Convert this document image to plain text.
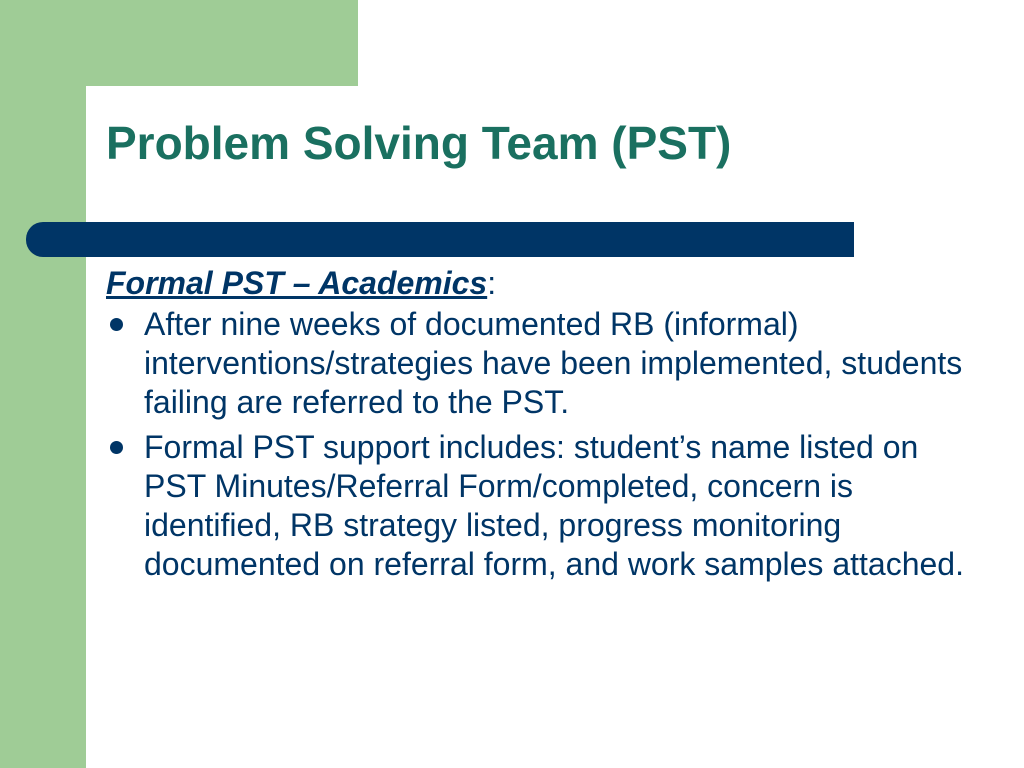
Problem Solving Team (PST)

Formal PST – Academics:

After nine weeks of documented RB (informal) interventions/strategies have been implemented, students failing are referred to the PST.
Formal PST support includes: student’s name listed on PST Minutes/Referral Form/completed, concern is identified, RB strategy listed, progress monitoring documented on referral form, and work samples attached.
